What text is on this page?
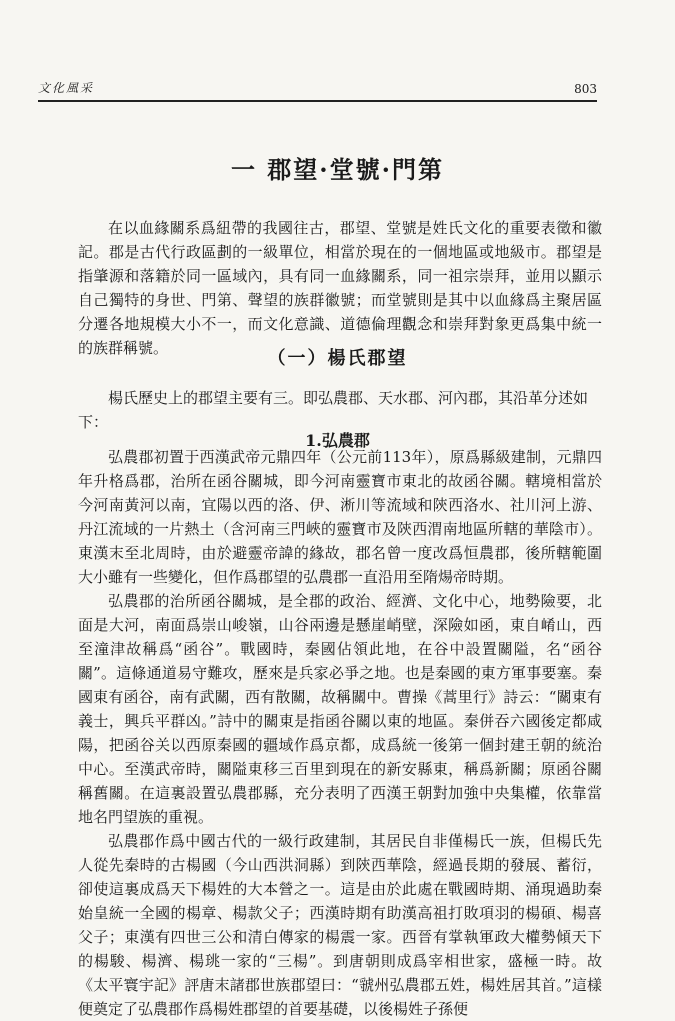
文化風采	803
一 郡望·堂號·門第
在以血緣關系爲紐帶的我國往古，郡望、堂號是姓氏文化的重要表徵和徽記。郡是古代行政區劃的一級單位，相當於現在的一個地區或地級市。郡望是指肇源和落籍於同一區域內，具有同一血緣關系，同一祖宗崇拜，並用以顯示自己獨特的身世、門第、聲望的族群徽號；而堂號則是其中以血緣爲主聚居區分遷各地規模大小不一，而文化意識、道德倫理觀念和崇拜對象更爲集中統一的族群稱號。	（一）楊氏郡望
楊氏歷史上的郡望主要有三。即弘農郡、天水郡、河內郡，其沿革分述如下：
1.弘農郡

弘農郡初置于西漢武帝元鼎四年（公元前113年），原爲縣級建制，元鼎四年升格爲郡，治所在函谷關城，即今河南靈寶市東北的故函谷關。轄境相當於今河南黃河以南，宜陽以西的洛、伊、淅川等流域和陝西洛水、社川河上游、丹江流域的一片熱土（含河南三門峽的靈寶市及陝西渭南地區所轄的華陰市）。東漢末至北周時，由於避靈帝諱的緣故，郡名曾一度改爲恒農郡，後所轄範圍大小雖有一些變化，但作爲郡望的弘農郡一直沿用至隋煬帝時期。

弘農郡的治所函谷關城，是全郡的政治、經濟、文化中心，地勢險要，北面是大河，南面爲崇山峻嶺，山谷兩邊是懸崖峭壁，深險如函，東自崤山，西至潼津故稱爲“函谷”。戰國時，秦國佔領此地，在谷中設置關隘，名“函谷關”。這條通道易守難攻，歷來是兵家必爭之地。也是秦國的東方軍事要塞。秦國東有函谷，南有武關，西有散關，故稱關中。曹操《蒿里行》詩云：“關東有義士，興兵平群凶。”詩中的關東是指函谷關以東的地區。秦併吞六國後定都咸陽，把函谷关以西原秦國的疆域作爲京都，成爲統一後第一個封建王朝的統治中心。至漢武帝時，關隘東移三百里到現在的新安縣東，稱爲新關；原函谷關稱舊關。在這裏設置弘農郡縣，充分表明了西漢王朝對加強中央集權，依靠當地名門望族的重視。

弘農郡作爲中國古代的一級行政建制，其居民自非僅楊氏一族，但楊氏先人從先秦時的古楊國（今山西洪洞縣）到陝西華陰，經過長期的發展、蓄衍，卻使這裏成爲天下楊姓的大本營之一。這是由於此處在戰國時期、涌現過助秦始皇統一全國的楊章、楊款父子；西漢時期有助漢高祖打敗項羽的楊碩、楊喜父子；東漢有四世三公和清白傳家的楊震一家。西晉有掌執軍政大權勢傾天下的楊駿、楊濟、楊珧一家的“三楊”。到唐朝則成爲宰相世家，盛極一時。故《太平寰宇記》評唐末諸郡世族郡望曰：“虢州弘農郡五姓，楊姓居其首。”這樣便奠定了弘農郡作爲楊姓郡望的首要基礎，以後楊姓子孫便
